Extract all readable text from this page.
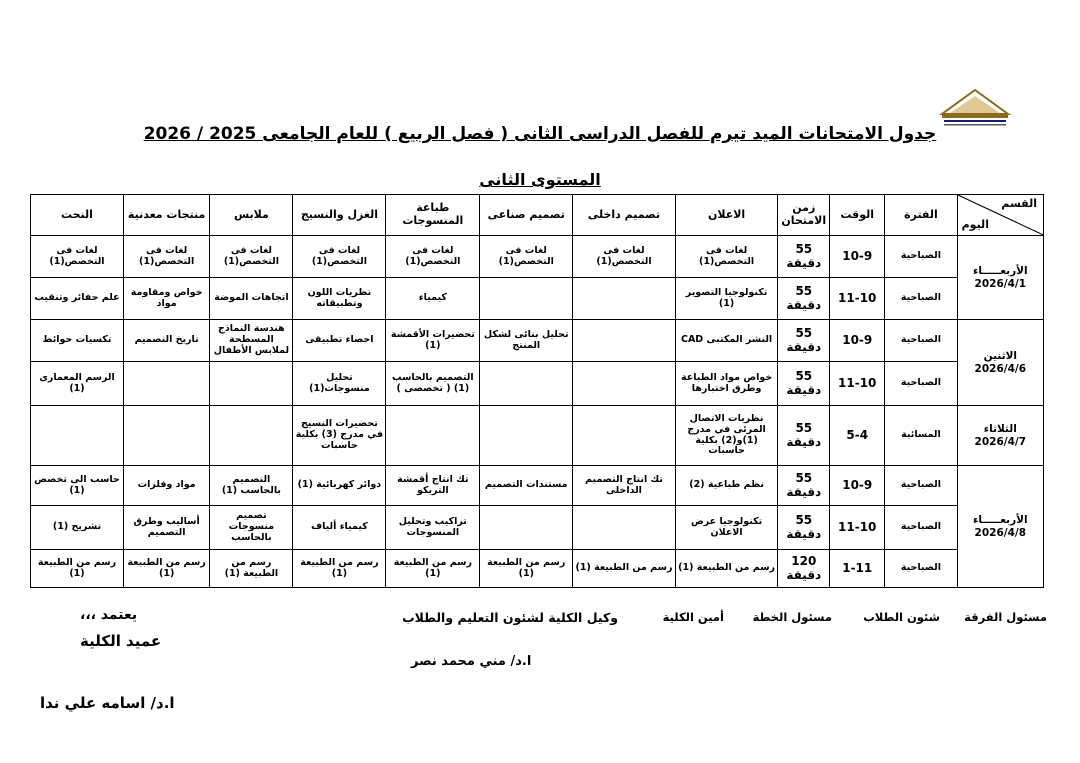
جدول الامتحانات الميد تيرم للفصل الدراسى الثانى ( فصل الربيع ) للعام الجامعى 2025 / 2026
المستوى الثانى
القسم
اليوم	الفترة	الوقت	زمن الامتحان	الاعلان	تصميم داخلى	تصميم صناعى	طباعة المنسوجات	الغزل والنسيج	ملابس	منتجات معدنية	النحت
الأربعـــــاء 2026/4/1	الصباحية	10-9	55 دقيقة	لغات فى التخصص(1)	لغات فى التخصص(1)	لغات فى التخصص(1)	لغات فى التخصص(1)	لغات فى التخصص(1)	لغات فى التخصص(1)	لغات فى التخصص(1)	لغات فى التخصص(1)
	الصباحية	11-10	55 دقيقة	تكنولوجيا التصوير (1)			كيمياء	نظريات اللون وتطبيقاته	اتجاهات الموضة	خواص ومقاومة مواد	علم حفائر وتنقيب
الاثنين 2026/4/6	الصباحية	10-9	55 دقيقة	النشر المكتبى CAD		تحليل بنائى لشكل المنتج	تحضيرات الأقمشة (1)	احصاء تطبيقى	هندسة النماذج المسطحة لملابس الأطفال	تاريخ التصميم	تكسيات حوائط
	الصباحية	11-10	55 دقيقة	خواص مواد الطباعة وطرق اختبارها			التصميم بالحاسب (1) ( تخصصى )	تحليل منسوجات(1)			الرسم المعمارى (1)
الثلاثاء 2026/4/7	المسائية	5-4	55 دقيقة	نظريات الاتصال المرئى في مدرج (1)و(2) بكلية حاسبات				تحضيرات النسيج في مدرج (3) بكلية حاسبات			
الأربعـــــاء 2026/4/8	الصباحية	10-9	55 دقيقة	نظم طباعية (2)	تك انتاج التصميم الداخلى	مستندات التصميم	تك انتاج أقمشة التريكو	دوائر كهربائية (1)	التصميم بالحاسب (1)	مواد وفلزات	حاسب الى تخصص (1)
	الصباحية	11-10	55 دقيقة	تكنولوجيا عرض الاعلان			تراكيب وتحليل المنسوجات	كيمياء ألياف	تصميم منسوجات بالحاسب	أساليب وطرق التصميم	تشريح (1)
	الصباحية	1-11	120 دقيقة	رسم من الطبيعة (1)	رسم من الطبيعة (1)	رسم من الطبيعة (1)	رسم من الطبيعة (1)	رسم من الطبيعة (1)	رسم من الطبيعة (1)	رسم من الطبيعة (1)	رسم من الطبيعة (1)
مسئول الفرقة
شئون الطلاب
مسئول الخطة
أمين الكلية
وكيل الكلية لشئون التعليم والطلاب
يعتمد ،،،
عميد الكلية
ا.د/ مني محمد نصر
ا.د/ اسامه علي ندا
